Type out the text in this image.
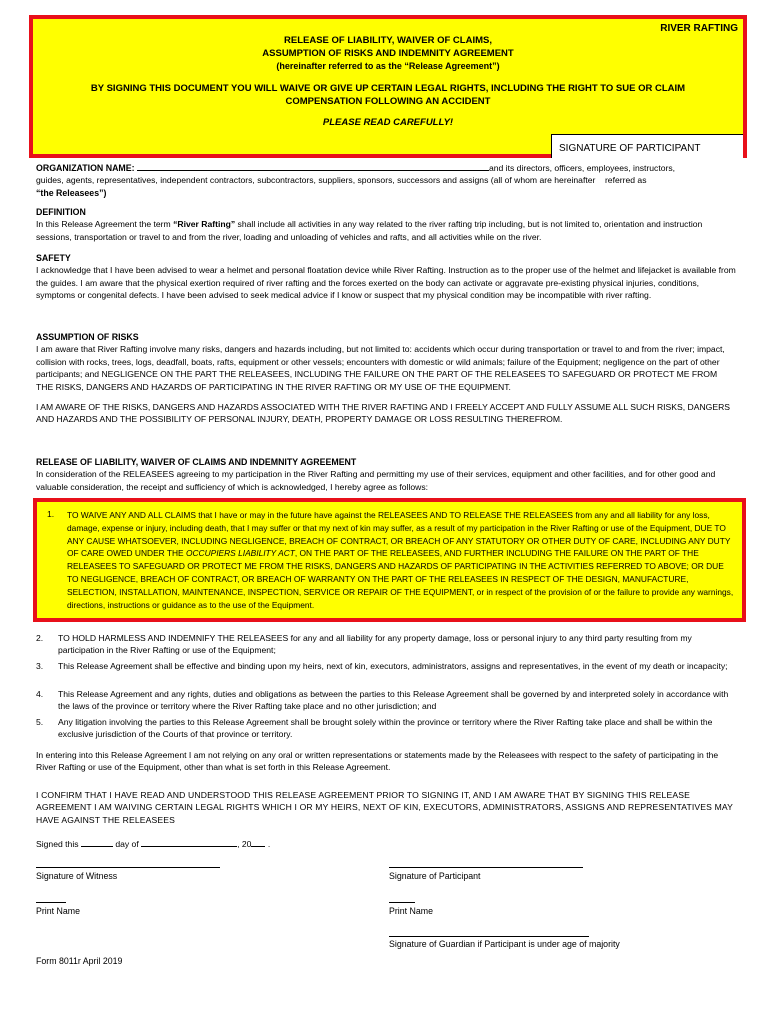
RIVER RAFTING
RELEASE OF LIABILITY, WAIVER OF CLAIMS,
ASSUMPTION OF RISKS AND INDEMNITY AGREEMENT
(hereinafter referred to as the “Release Agreement”)
BY SIGNING THIS DOCUMENT YOU WILL WAIVE OR GIVE UP CERTAIN LEGAL RIGHTS, INCLUDING THE RIGHT TO SUE OR CLAIM COMPENSATION FOLLOWING AN ACCIDENT
PLEASE READ CAREFULLY!
SIGNATURE OF PARTICIPANT
ORGANIZATION NAME:	and its directors, officers, employees, instructors,
guides, agents, representatives, independent contractors, subcontractors, suppliers, sponsors, successors and assigns (all of whom are hereinafter referred as
“the Releasees”)
DEFINITION
In this Release Agreement the term “River Rafting” shall include all activities in any way related to the river rafting trip including, but is not limited to, orientation and instruction sessions, transportation or travel to and from the river, loading and unloading of vehicles and rafts, and all activities while on the river.
SAFETY
I acknowledge that I have been advised to wear a helmet and personal floatation device while River Rafting. Instruction as to the proper use of the helmet and lifejacket is available from the guides. I am aware that the physical exertion required of river rafting and the forces exerted on the body can activate or aggravate pre-existing physical injuries, conditions, symptoms or congenital defects. I have been advised to seek medical advice if I know or suspect that my physical condition may be incompatible with river rafting.
ASSUMPTION OF RISKS
I am aware that River Rafting involve many risks, dangers and hazards including, but not limited to: accidents which occur during transportation or travel to and from the river; impact, collision with rocks, trees, logs, deadfall, boats, rafts, equipment or other vessels; encounters with domestic or wild animals; failure of the Equipment; negligence on the part of other participants; and NEGLIGENCE ON THE PART THE RELEASEES, INCLUDING THE FAILURE ON THE PART OF THE RELEASEES TO SAFEGUARD OR PROTECT ME FROM THE RISKS, DANGERS AND HAZARDS OF PARTICIPATING IN THE RIVER RAFTING OR MY USE OF THE EQUIPMENT.
I AM AWARE OF THE RISKS, DANGERS AND HAZARDS ASSOCIATED WITH THE RIVER RAFTING AND I FREELY ACCEPT AND FULLY ASSUME ALL SUCH RISKS, DANGERS AND HAZARDS AND THE POSSIBILITY OF PERSONAL INJURY, DEATH, PROPERTY DAMAGE OR LOSS RESULTING THEREFROM.
RELEASE OF LIABILITY, WAIVER OF CLAIMS AND INDEMNITY AGREEMENT
In consideration of the RELEASEES agreeing to my participation in the River Rafting and permitting my use of their services, equipment and other facilities, and for other good and valuable consideration, the receipt and sufficiency of which is acknowledged, I hereby agree as follows:
1. TO WAIVE ANY AND ALL CLAIMS that I have or may in the future have against the RELEASEES AND TO RELEASE THE RELEASEES from any and all liability for any loss, damage, expense or injury, including death, that I may suffer or that my next of kin may suffer, as a result of my participation in the River Rafting or use of the Equipment, DUE TO ANY CAUSE WHATSOEVER, INCLUDING NEGLIGENCE, BREACH OF CONTRACT, OR BREACH OF ANY STATUTORY OR OTHER DUTY OF CARE, INCLUDING ANY DUTY OF CARE OWED UNDER THE OCCUPIERS LIABILITY ACT, ON THE PART OF THE RELEASEES, AND FURTHER INCLUDING THE FAILURE ON THE PART OF THE RELEASEES TO SAFEGUARD OR PROTECT ME FROM THE RISKS, DANGERS AND HAZARDS OF PARTICIPATING IN THE ACTIVITIES REFERRED TO ABOVE; OR DUE TO NEGLIGENCE, BREACH OF CONTRACT, OR BREACH OF WARRANTY ON THE PART OF THE RELEASEES IN RESPECT OF THE DESIGN, MANUFACTURE, SELECTION, INSTALLATION, MAINTENANCE, INSPECTION, SERVICE OR REPAIR OF THE EQUIPMENT, or in respect of the provision of or the failure to provide any warnings, directions, instructions or guidance as to the use of the Equipment.
2. TO HOLD HARMLESS AND INDEMNIFY THE RELEASEES for any and all liability for any property damage, loss or personal injury to any third party resulting from my participation in the River Rafting or use of the Equipment;
3. This Release Agreement shall be effective and binding upon my heirs, next of kin, executors, administrators, assigns and representatives, in the event of my death or incapacity;
4. This Release Agreement and any rights, duties and obligations as between the parties to this Release Agreement shall be governed by and interpreted solely in accordance with the laws of the province or territory where the River Rafting take place and no other jurisdiction; and
5. Any litigation involving the parties to this Release Agreement shall be brought solely within the province or territory where the River Rafting take place and shall be within the exclusive jurisdiction of the Courts of that province or territory.
In entering into this Release Agreement I am not relying on any oral or written representations or statements made by the Releasees with respect to the safety of participating in the River Rafting or use of the Equipment, other than what is set forth in this Release Agreement.
I CONFIRM THAT I HAVE READ AND UNDERSTOOD THIS RELEASE AGREEMENT PRIOR TO SIGNING IT, AND I AM AWARE THAT BY SIGNING THIS RELEASE AGREEMENT I AM WAIVING CERTAIN LEGAL RIGHTS WHICH I OR MY HEIRS, NEXT OF KIN, EXECUTORS, ADMINISTRATORS, ASSIGNS AND REPRESENTATIVES MAY HAVE AGAINST THE RELEASEES
Signed this	day of	, 20 .
Signature of Witness	Signature of Participant
Print Name	Print Name
Signature of Guardian if Participant is under age of majority
Form 8011r April 2019
